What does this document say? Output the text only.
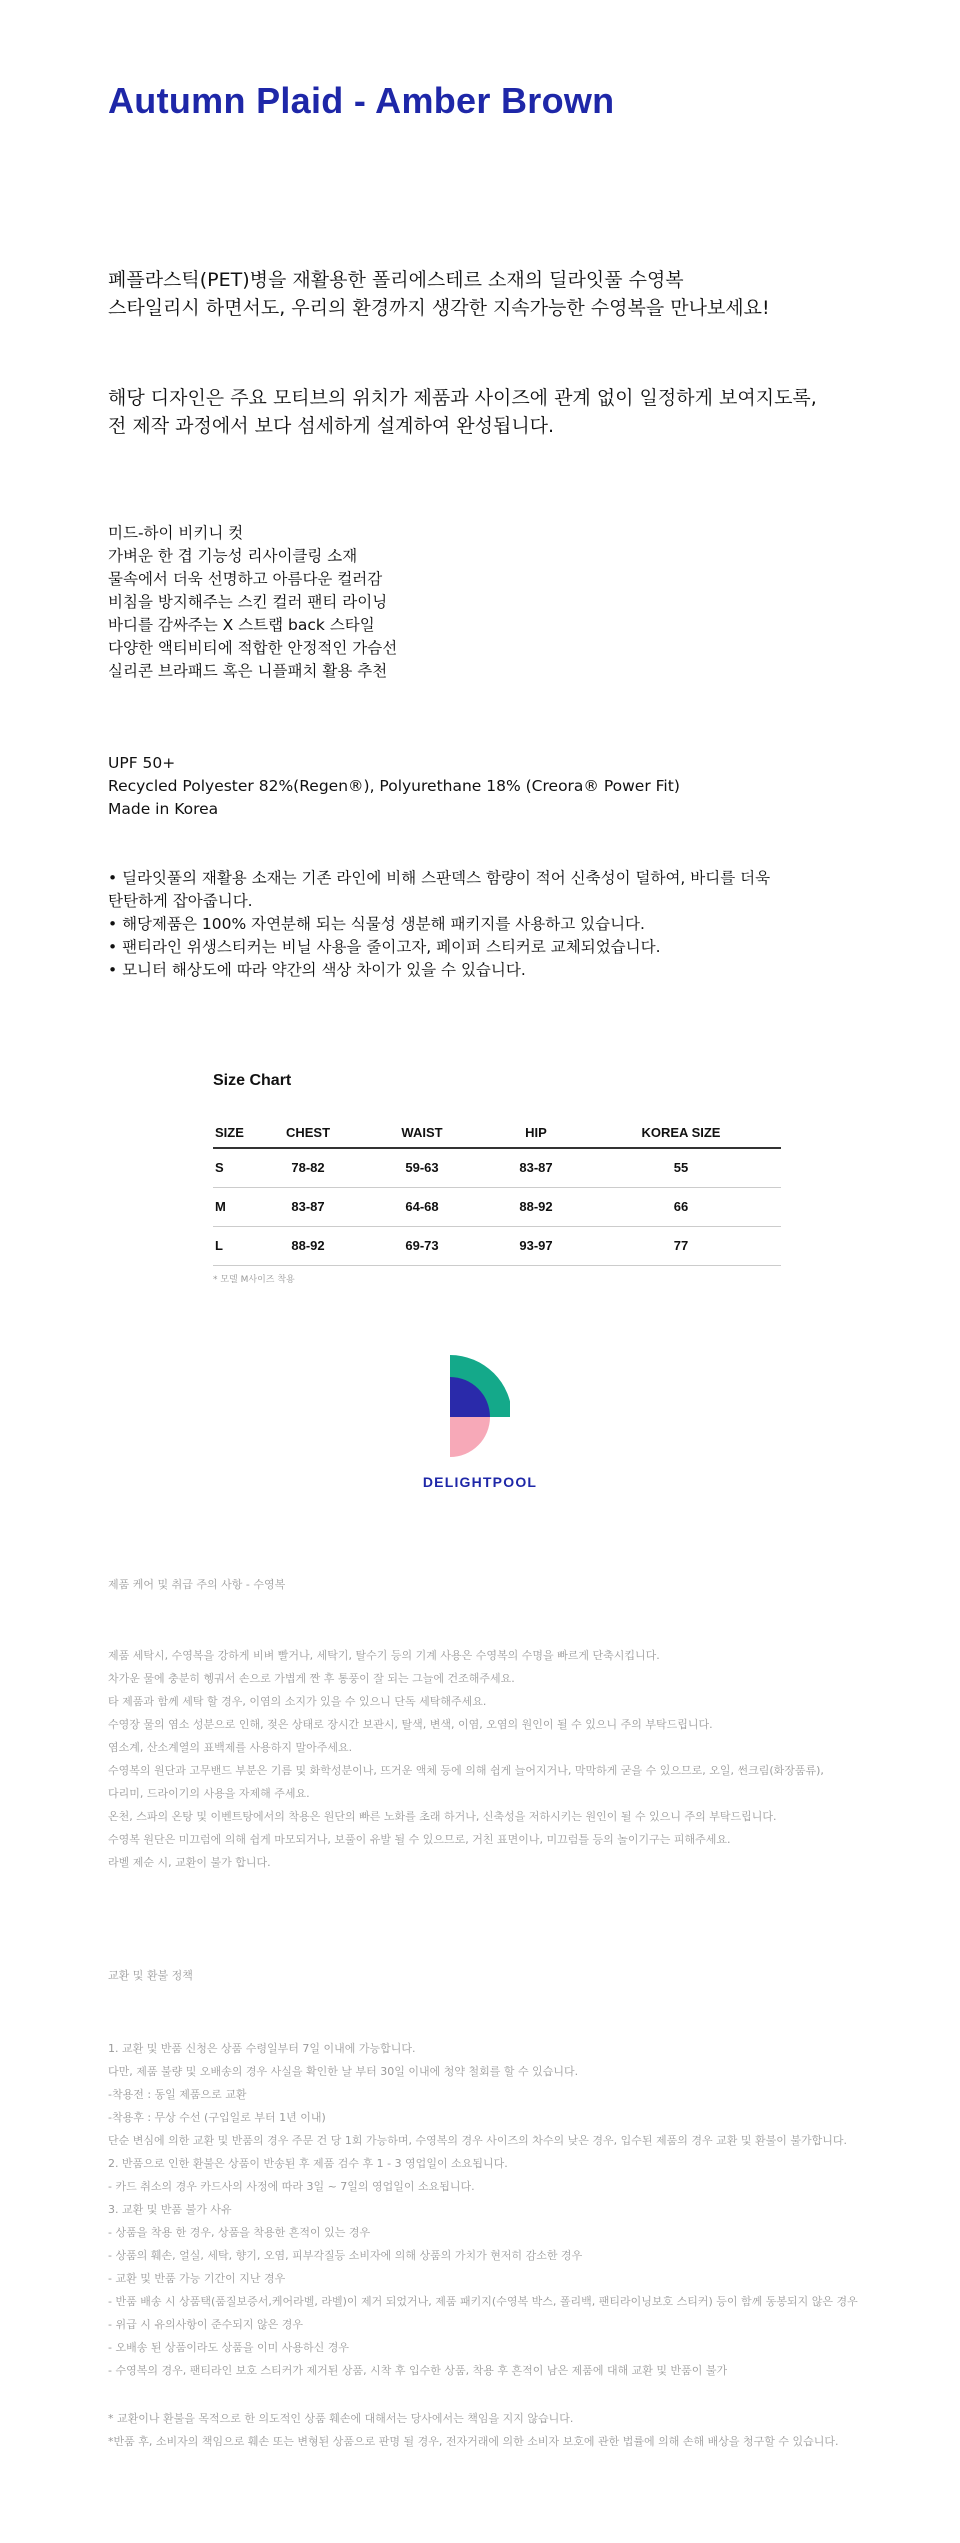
Autumn Plaid - Amber Brown
폐플라스틱(PET)병을 재활용한 폴리에스테르 소재의 딜라잇풀 수영복
스타일리시 하면서도, 우리의 환경까지 생각한 지속가능한 수영복을 만나보세요!
해당 디자인은 주요 모티브의 위치가 제품과 사이즈에 관계 없이 일정하게 보여지도록,
전 제작 과정에서 보다 섬세하게 설계하여 완성됩니다.
미드-하이 비키니 컷
가벼운 한 겹 기능성 리사이클링 소재
물속에서 더욱 선명하고 아름다운 컬러감
비침을 방지해주는 스킨 컬러 팬티 라이닝
바디를 감싸주는 X 스트랩 back 스타일
다양한 액티비티에 적합한 안정적인 가슴선
실리콘 브라패드 혹은 니플패치 활용 추천
UPF 50+
Recycled Polyester 82%(Regen®), Polyurethane 18% (Creora® Power Fit)
Made in Korea
• 딜라잇풀의 재활용 소재는 기존 라인에 비해 스판덱스 함량이 적어 신축성이 덜하여, 바디를 더욱
탄탄하게 잡아줍니다.
• 해당제품은 100% 자연분해 되는 식물성 생분해 패키지를 사용하고 있습니다.
• 팬티라인 위생스티커는 비닐 사용을 줄이고자, 페이퍼 스티커로 교체되었습니다.
• 모니터 해상도에 따라 약간의 색상 차이가 있을 수 있습니다.
Size Chart
SIZE	CHEST	WAIST	HIP	KOREA SIZE
S	78-82	59-63	83-87	55
M	83-87	64-68	88-92	66
L	88-92	69-73	93-97	77
* 모델 M사이즈 착용
DELIGHTPOOL
제품 케어 및 취급 주의 사항 - 수영복
제품 세탁시, 수영복을 강하게 비벼 빨거나, 세탁기, 탈수기 등의 기계 사용은 수영복의 수명을 빠르게 단축시킵니다.
차가운 물에 충분히 헹궈서 손으로 가볍게 짠 후 통풍이 잘 되는 그늘에 건조해주세요.
타 제품과 함께 세탁 할 경우, 이염의 소지가 있을 수 있으니 단독 세탁해주세요.
수영장 물의 염소 성분으로 인해, 젖은 상태로 장시간 보관시, 탈색, 변색, 이염, 오염의 원인이 될 수 있으니 주의 부탁드립니다.
염소계, 산소계열의 표백제를 사용하지 말아주세요.
수영복의 원단과 고무밴드 부분은 기름 및 화학성분이나, 뜨거운 액체 등에 의해 쉽게 늘어지거나, 막막하게 굳을 수 있으므로, 오일, 썬크림(화장품류),
다리미, 드라이기의 사용을 자제해 주세요.
온천, 스파의 온탕 및 이벤트탕에서의 착용은 원단의 빠른 노화를 초래 하거나, 신축성을 저하시키는 원인이 될 수 있으니 주의 부탁드립니다.
수영복 원단은 미끄럼에 의해 쉽게 마모되거나, 보풀이 유발 될 수 있으므로, 거친 표면이나, 미끄럼틀 등의 놀이기구는 피해주세요.
라벨 제순 시, 교환이 불가 합니다.
교환 및 환불 정책
1. 교환 및 반품 신청은 상품 수령일부터 7일 이내에 가능합니다.
다만, 제품 불량 및 오배송의 경우 사실을 확인한 날 부터 30일 이내에 청약 철회를 할 수 있습니다.
-착용전 : 동일 제품으로 교환
-착용후 : 무상 수선 (구입일로 부터 1년 이내)
단순 변심에 의한 교환 및 반품의 경우 주문 건 당 1회 가능하며, 수영복의 경우 사이즈의 차수의 낮은 경우, 입수된 제품의 경우 교환 및 환불이 불가합니다.
2. 반품으로 인한 환불은 상품이 반송된 후 제품 검수 후 1 - 3 영업일이 소요됩니다.
- 카드 취소의 경우 카드사의 사정에 따라 3일 ~ 7일의 영업일이 소요됩니다.
3. 교환 및 반품 불가 사유
- 상품을 착용 한 경우, 상품을 착용한 흔적이 있는 경우
- 상품의 훼손, 얼실, 세탁, 향기, 오염, 피부각질등 소비자에 의해 상품의 가치가 현저히 감소한 경우
- 교환 및 반품 가능 기간이 지난 경우
- 반품 배송 시 상품택(품질보증서,케어라벨, 라벨)이 제거 되었거나, 제품 패키지(수영복 박스, 폴리백, 팬티라이닝보호 스티커) 등이 함께 동봉되지 않은 경우
- 위급 시 유의사항이 준수되지 않은 경우
- 오배송 된 상품이라도 상품을 이미 사용하신 경우
- 수영복의 경우, 팬티라인 보호 스티커가 제거된 상품, 시착 후 입수한 상품, 착용 후 흔적이 남은 제품에 대해 교환 및 반품이 불가
* 교환이나 환불을 목적으로 한 의도적인 상품 훼손에 대해서는 당사에서는 책임을 지지 않습니다.
*반품 후, 소비자의 책임으로 훼손 또는 변형된 상품으로 판명 될 경우, 전자거래에 의한 소비자 보호에 관한 법률에 의해 손해 배상을 청구할 수 있습니다.
